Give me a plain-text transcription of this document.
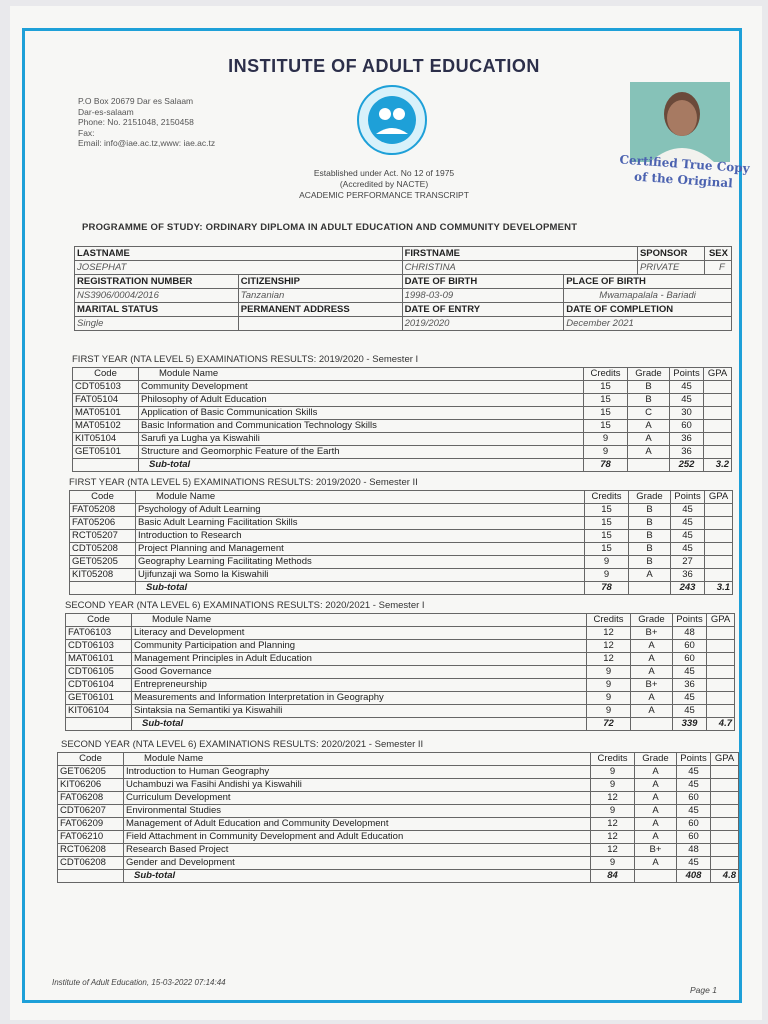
INSTITUTE OF ADULT EDUCATION
P.O Box 20679 Dar es Salaam
Dar-es-salaam
Phone: No. 2151048, 2150458
Fax:
Email: info@iae.ac.tz,www: iae.ac.tz
Established under Act. No 12 of 1975
(Accredited by NACTE)
ACADEMIC PERFORMANCE TRANSCRIPT
Certified True Copy
of the Original
PROGRAMME OF STUDY: ORDINARY DIPLOMA IN ADULT EDUCATION AND COMMUNITY DEVELOPMENT
LASTNAME		FIRSTNAME		SPONSOR SEX
JOSEPHAT		CHRISTINA		PRIVATE F
REGISTRATION NUMBER	CITIZENSHIP	DATE OF BIRTH	PLACE OF BIRTH	
NS3906/0004/2016	Tanzanian	1998-03-09	Mwamapalala - Bariadi	
MARITAL STATUS	PERMANENT ADDRESS	DATE OF ENTRY	DATE OF COMPLETION	
Single		2019/2020	December 2021	
FIRST YEAR (NTA LEVEL 5) EXAMINATIONS RESULTS: 2019/2020 - Semester I
FIRST YEAR (NTA LEVEL 5) EXAMINATIONS RESULTS: 2019/2020 - Semester II
SECOND YEAR (NTA LEVEL 6) EXAMINATIONS RESULTS: 2020/2021 - Semester I
SECOND YEAR (NTA LEVEL 6) EXAMINATIONS RESULTS: 2020/2021 - Semester II
Code	Module Name	Credits	Grade	Points	GPA
CDT05103	Community Development	15	B	45	
FAT05104	Philosophy of Adult Education	15	B	45	
MAT05101	Application of Basic Communication Skills	15	C	30	
MAT05102	Basic Information and Communication Technology Skills	15	A	60	
KIT05104	Sarufi ya Lugha ya Kiswahili	9	A	36	
GET05101	Structure and Geomorphic Feature of the Earth	9	A	36	
	Sub-total	78		252	3.2
Code	Module Name	Credits	Grade	Points	GPA
FAT05208	Psychology of Adult Learning	15	B	45	
FAT05206	Basic Adult Learning Facilitation Skills	15	B	45	
RCT05207	Introduction to Research	15	B	45	
CDT05208	Project Planning and Management	15	B	45	
GET05205	Geography Learning Facilitating Methods	9	B	27	
KIT05208	Ujifunzaji wa Somo la Kiswahili	9	A	36	
	Sub-total	78		243	3.1
Code	Module Name	Credits	Grade	Points	GPA
FAT06103	Literacy and Development	12	B+	48	
CDT06103	Community Participation and Planning	12	A	60	
MAT06101	Management Principles in Adult Education	12	A	60	
CDT06105	Good Governance	9	A	45	
CDT06104	Entrepreneurship	9	B+	36	
GET06101	Measurements and Information Interpretation in Geography	9	A	45	
KIT06104	Sintaksia na Semantiki ya Kiswahili	9	A	45	
	Sub-total	72		339	4.7
Code	Module Name	Credits	Grade	Points	GPA
GET06205	Introduction to Human Geography	9	A	45	
KIT06206	Uchambuzi wa Fasihi Andishi ya Kiswahili	9	A	45	
FAT06208	Curriculum Development	12	A	60	
CDT06207	Environmental Studies	9	A	45	
FAT06209	Management of Adult Education and Community Development	12	A	60	
FAT06210	Field Attachment in Community Development and Adult Education	12	A	60	
RCT06208	Research Based Project	12	B+	48	
CDT06208	Gender and Development	9	A	45	
	Sub-total	84		408	4.8
Institute of Adult Education, 15-03-2022 07:14:44
Page 1
